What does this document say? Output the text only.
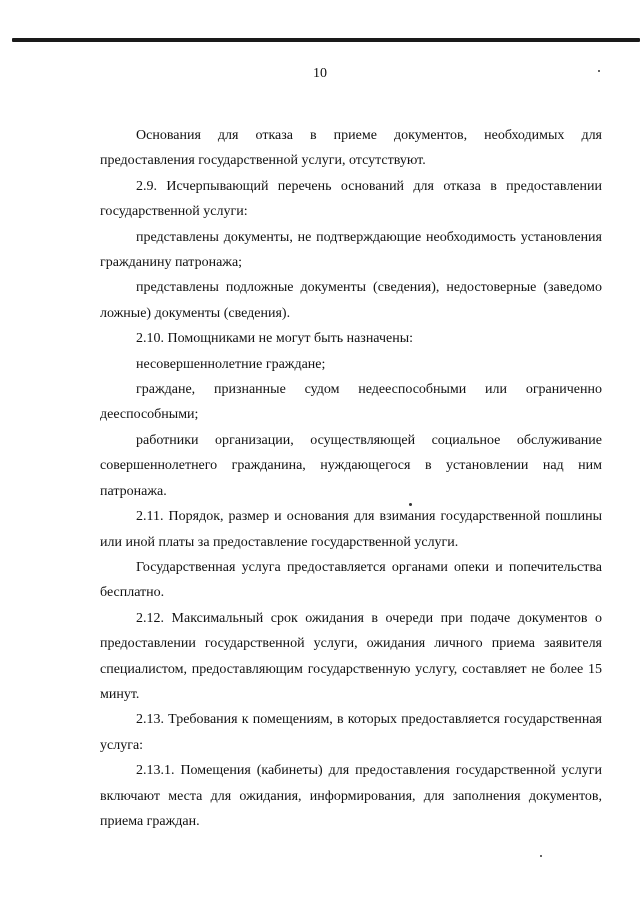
10

Основания для отказа в приеме документов, необходимых для предоставления государственной услуги, отсутствуют.

2.9. Исчерпывающий перечень оснований для отказа в предоставлении государственной услуги:

представлены документы, не подтверждающие необходимость установления гражданину патронажа;

представлены подложные документы (сведения), недостоверные (заведомо ложные) документы (сведения).

2.10. Помощниками не могут быть назначены:

несовершеннолетние граждане;

граждане, признанные судом недееспособными или ограниченно дееспособными;

работники организации, осуществляющей социальное обслуживание совершеннолетнего гражданина, нуждающегося в установлении над ним патронажа.

2.11. Порядок, размер и основания для взимания государственной пошлины или иной платы за предоставление государственной услуги.

Государственная услуга предоставляется органами опеки и попечительства бесплатно.

2.12. Максимальный срок ожидания в очереди при подаче документов о предоставлении государственной услуги, ожидания личного приема заявителя специалистом, предоставляющим государственную услугу, составляет не более 15 минут.

2.13. Требования к помещениям, в которых предоставляется государственная услуга:

2.13.1. Помещения (кабинеты) для предоставления государственной услуги включают места для ожидания, информирования, для заполнения документов, приема граждан.
